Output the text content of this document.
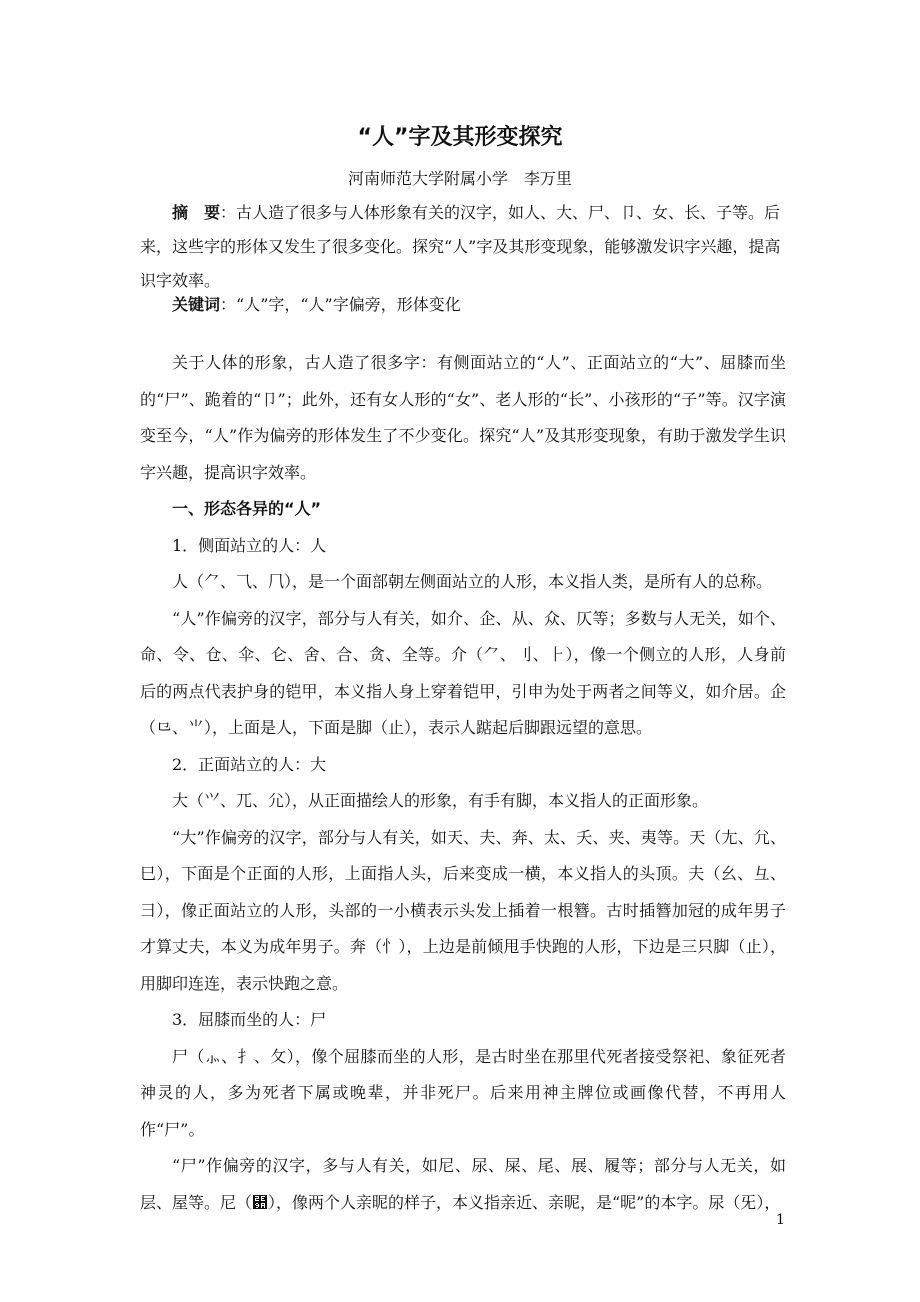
“人”字及其形变探究
河南师范大学附属小学　李万里

摘　要：古人造了很多与人体形象有关的汉字，如人、大、尸、卩、女、长、子等。后来，这些字的形体又发生了很多变化。探究“人”字及其形变现象，能够激发识字兴趣，提高识字效率。

关键词：“人”字，“人”字偏旁，形体变化

关于人体的形象，古人造了很多字：有侧面站立的“人”、正面站立的“大”、屈膝而坐的“尸”、跪着的“卩”；此外，还有女人形的“女”、老人形的“长”、小孩形的“子”等。汉字演变至今，“人”作为偏旁的形体发生了不少变化。探究“人”及其形变现象，有助于激发学生识字兴趣，提高识字效率。

一、形态各异的“人”

1．侧面站立的人：人

人（⺈、⺄、⺇），是一个面部朝左侧面站立的人形，本义指人类，是所有人的总称。

“人”作偏旁的汉字，部分与人有关，如介、企、从、众、仄等；多数与人无关，如个、命、令、仓、伞、仑、舍、合、贪、全等。介（⺈、⺉、⺊），像一个侧立的人形，人身前后的两点代表护身的铠甲，本义指人身上穿着铠甲，引申为处于两者之间等义，如介居。企（⺋、⺌），上面是人，下面是脚（止），表示人踮起后脚跟远望的意思。

2．正面站立的人：大

大（⺍、⺎、⺏），从正面描绘人的形象，有手有脚，本义指人的正面形象。

“大”作偏旁的汉字，部分与人有关，如天、夫、奔、太、夭、夹、夷等。天（⺐、⺑、⺒），下面是个正面的人形，上面指人头，后来变成一横，本义指人的头顶。夫（⺓、⺔、⺕），像正面站立的人形，头部的一小横表示头发上插着一根簪。古时插簪加冠的成年男子才算丈夫，本义为成年男子。奔（⺖），上边是前倾甩手快跑的人形，下边是三只脚（止），用脚印连连，表示快跑之意。

3．屈膝而坐的人：尸

尸（⺗、⺘、⺙），像个屈膝而坐的人形，是古时坐在那里代死者接受祭祀、象征死者神灵的人，多为死者下属或晚辈，并非死尸。后来用神主牌位或画像代替，不再用人作“尸”。

“尸”作偏旁的汉字，多与人有关，如尼、尿、屎、尾、展、履等；部分与人无关，如层、屋等。尼（⺚），像两个人亲昵的样子，本义指亲近、亲昵，是“昵”的本字。尿（⺛），

1
